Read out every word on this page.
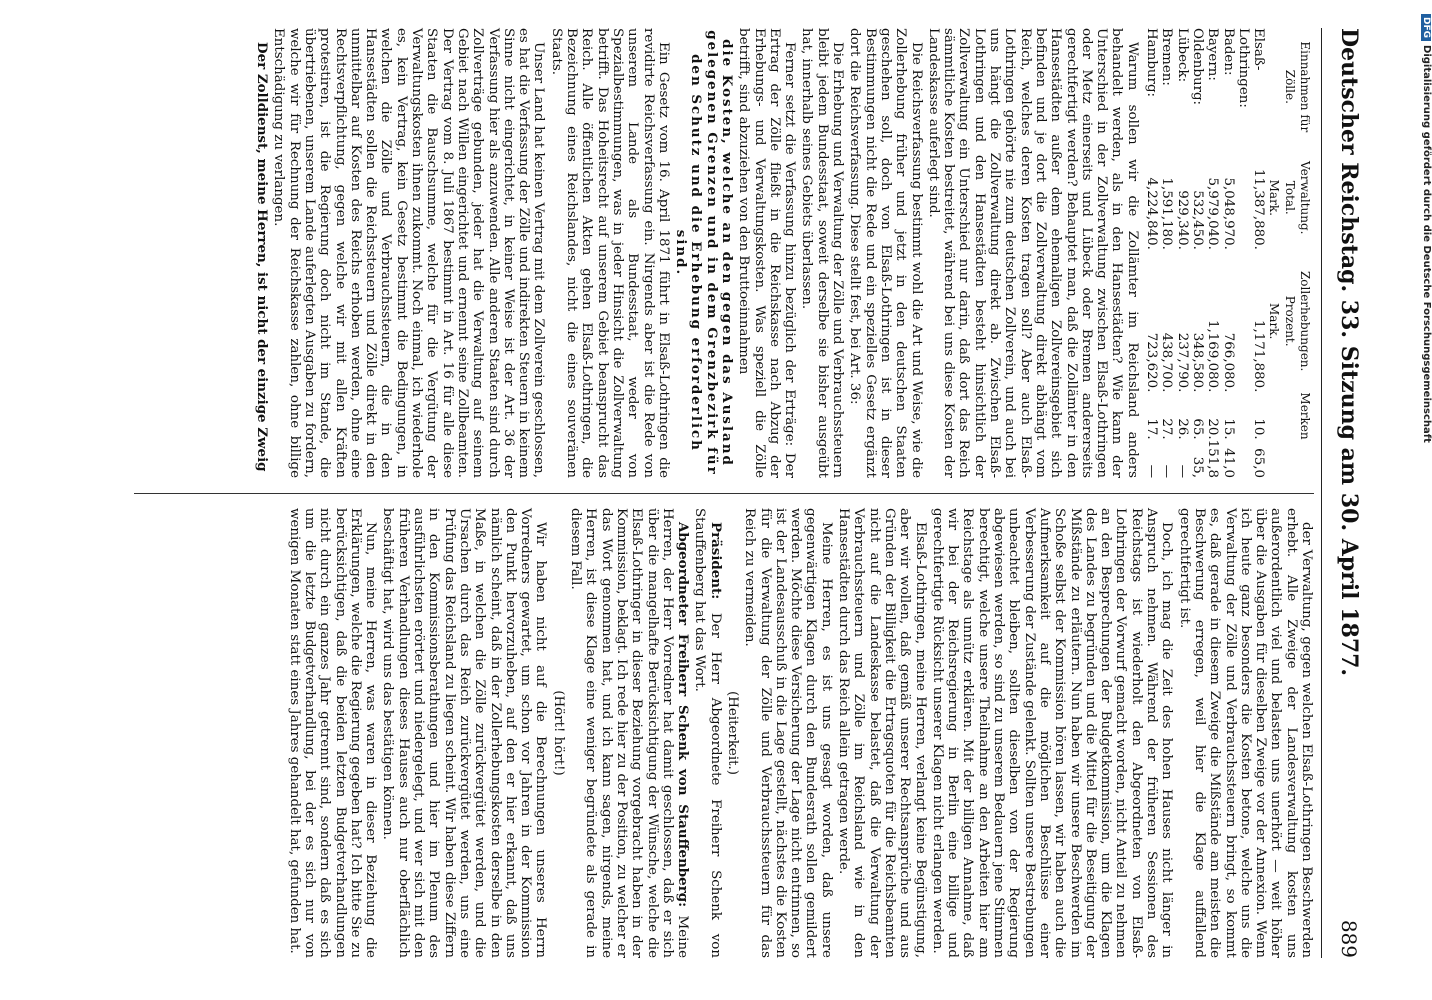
Deutscher Reichstag. 33. Sitzung am 30. April 1877.
889
Einnahmen für Zölle.	Verwaltung. Total.	Zollerhebungen. Prozent.	Merken	
	Mark.	Mark.		
Elsaß-Lothringen:	11,387,880.	1,171,880.	10.	65,0
Baden:	5,048,970.	766,080.	15.	41,0
Bayern:	5,979,040.	1,169,080.	20.	151,8
Oldenburg:	532,450.	348,580.	65.	35,
Lübeck:	929,340.	237,790.	26.	—
Bremen:	1,591,180.	438,700.	27.	—
Hamburg:	4,224,840.	723,620.	17.	—

Warum sollen wir die Zollämter im Reichsland anders behandelt werden, als in den Hansestädten? Wie kann der Unterschied in der Zollverwaltung zwischen Elsaß-Lothringen oder Metz einerseits und Lübeck oder Bremen andererseits gerechtfertigt werden? Behauptet man, daß die Zollämter in den Hansestädten außer dem ehemaligen Zollvereinsgebiet sich befinden und je dort die Zollverwaltung direkt abhängt vom Reich, welches deren Kosten tragen soll? Aber auch Elsaß-Lothringen gehörte nie zum deutschen Zollverein, und auch bei uns hängt die Zollverwaltung direkt ab. Zwischen Elsaß-Lothringen und den Hansestädten besteht hinsichtlich der Zollverwaltung ein Unterschied nur darin, daß dort das Reich sämmtliche Kosten bestreitet, während bei uns diese Kosten der Landeskasse auferlegt sind.

Die Reichsverfassung bestimmt wohl die Art und Weise, wie die Zollerhebung früher und jetzt in den deutschen Staaten geschehen soll, doch von Elsaß-Lothringen ist in dieser Bestimmungen nicht die Rede und ein spezielles Gesetz ergänzt dort die Reichsverfassung. Diese stellt fest, bei Art. 36:

Die Erhebung und Verwaltung der Zölle und Verbrauchssteuern bleibt jedem Bundesstaat, soweit derselbe sie bisher ausgeübt hat, innerhalb seines Gebiets überlassen.

Ferner setzt die Verfassung hinzu bezüglich der Erträge: Der Ertrag der Zölle fließt in die Reichskasse nach Abzug der Erhebungs- und Verwaltungskosten. Was speziell die Zölle betrifft, sind abzuziehen von den Bruttoeinnahmen

die Kosten, welche an den gegen das Ausland gelegenen Grenzen und in dem Grenzbezirk für den Schutz und die Erhebung erforderlich sind.

Ein Gesetz vom 16. April 1871 führt in Elsaß-Lothringen die revidirte Reichsverfassung ein. Nirgends aber ist die Rede von unserem Lande als Bundesstaat, weder von Spezialbestimmungen, was in jeder Hinsicht die Zollverwaltung betrifft. Das Hoheitsrecht auf unserem Gebiet beansprucht das Reich. Alle öffentlichen Akten gehen Elsaß-Lothringen, die Bezeichnung eines Reichslandes, nicht die eines souveränen Staats.

Unser Land hat keinen Vertrag mit dem Zollverein geschlossen, es hat die Verfassung der Zölle und indirekten Steuern in keinem Sinne nicht eingerichtet, in keiner Weise ist der Art. 36 der Verfassung hier als anzuwenden. Alle anderen Staaten sind durch Zollverträge gebunden, jeder hat die Verwaltung auf seinem Gebiet nach Willen eingerichtet und ernennt seine Zollbeamten. Der Vertrag vom 8. Juli 1867 bestimmt in Art. 16 für alle diese Staaten die Bauschsumme, welche für die Vergütung der Verwaltungskosten ihnen zukommt. Noch einmal, ich wiederhole es, kein Vertrag, kein Gesetz bestimmt die Bedingungen, in welchen die Zölle und Verbrauchssteuern, die in den Hansestädten sollen die Reichssteuern und Zölle direkt in den unmittelbar auf Kosten des Reichs erhoben werden, ohne eine Rechtsverpflichtung, gegen welche wir mit allen Kräften protestiren, ist die Regierung doch nicht im Stande, die übertriebenen, unserem Lande auferlegten Ausgaben zu fordern, welche wir für Rechnung der Reichskasse zahlen, ohne billige Entschädigung zu verlangen.

Der Zolldienst, meine Herren, ist nicht der einzige Zweig

der Verwaltung, gegen welchen Elsaß-Lothringen Beschwerden erhebt. Alle Zweige der Landesverwaltung kosten uns außerordentlich viel und belasten uns unerhört — weit höher über die Ausgaben für dieselben Zweige vor der Annexion. Wenn ich heute ganz besonders die Kosten betone, welche uns die Verwaltung der Zölle und Verbrauchssteuern bringt, so kommt es, daß gerade in diesem Zweige die Mißstände am meisten die Beschwerung erregen, weil hier die Klage auffallend gerechtfertigt ist.

Doch, ich mag die Zeit des hohen Hauses nicht länger in Anspruch nehmen. Während der früheren Sessionen des Reichstags ist wiederholt den Abgeordneten von Elsaß-Lothringen der Vorwurf gemacht worden, nicht Anteil zu nehmen an den Besprechungen der Budgetkommission, um die Klagen des Landes zu begründen und die Mittel für die Beseitigung der Mißstände zu erläutern. Nun haben wir unsere Beschwerden im Schoße selbst der Kommission hören lassen, wir haben auch die Aufmerksamkeit auf die möglichen Beschlüsse einer Verbesserung der Zustände gelenkt. Sollten unsere Bestrebungen unbeachtet bleiben, sollten dieselben von der Regierung abgewiesen werden, so sind zu unserem Bedauern jene Stimmen berechtigt, welche unsere Theilnahme an den Arbeiten hier am Reichstage als unnütz erklären. Mit der billigen Annahme, daß wir bei der Reichsregierung in Berlin eine billige und gerechtfertigte Rücksicht unserer Klagen nicht erlangen werden.

Elsaß-Lothringen, meine Herren, verlangt keine Begünstigung, aber wir wollen, daß gemäß unserer Rechtsansprüche und aus Gründen der Billigkeit die Ertragsquoten für die Reichsbeamten nicht auf die Landeskasse belastet, daß die Verwaltung der Verbrauchssteuern und Zölle im Reichsland wie in den Hansestädten durch das Reich allein getragen werde.

Meine Herren, es ist uns gesagt worden, daß unsere gegenwärtigen Klagen durch den Bundesrath sollen gemildert werden. Möchte diese Versicherung der Lage nicht entrinnen, so ist der Landesausschuß in die Lage gestellt, nächstes die Kosten für die Verwaltung der Zölle und Verbrauchssteuern für das Reich zu vermeiden.

(Heiterkeit.)

Präsident: Der Herr Abgeordnete Freiherr Schenk von Stauffenberg hat das Wort.

Abgeordneter Freiherr Schenk von Stauffenberg: Meine Herren, der Herr Vorredner hat damit geschlossen, daß er sich über die mangelhafte Berücksichtigung der Wünsche, welche die Elsaß-Lothringer in dieser Beziehung vorgebracht haben in der Kommission, beklagt. Ich rede hier zu der Position, zu welcher er das Wort genommen hat, und ich kann sagen, nirgends, meine Herren, ist diese Klage eine weniger begründete als gerade in diesem Fall.

(Hört! hört!)

Wir haben nicht auf die Berechnungen unseres Herrn Vorredners gewartet, um schon vor Jahren in der Kommission den Punkt hervorzuheben, auf den er hier erkannt, daß uns nämlich scheint, daß in der Zollerhebungskosten derselbe in den Maße, in welchen die Zölle zurückvergütet werden, und die Ursachen durch das Reich zurückvergütet werden, uns eine Prüfung das Reichsland zu liegen scheint. Wir haben diese Ziffern in den Kommissionsberathungen und hier im Plenum des ausführlichsten erörtert und niedergelegt, und wer sich mit den früheren Verhandlungen dieses Hauses auch nur oberflächlich beschäftigt hat, wird uns das bestätigen können.

Nun, meine Herren, was waren in dieser Beziehung die Erklärungen, welche die Regierung gegeben hat? Ich bitte Sie zu berücksichtigen, daß die beiden letzten Budgetverhandlungen nicht durch ein ganzes Jahr getrennt sind, sondern daß es sich um die letzte Budgetverhandlung, bei der es sich nur von wenigen Monaten statt eines Jahres gehandelt hat, gefunden hat.

DFGDigitalisierung gefördert durch die Deutsche Forschungsgemeinschaft
